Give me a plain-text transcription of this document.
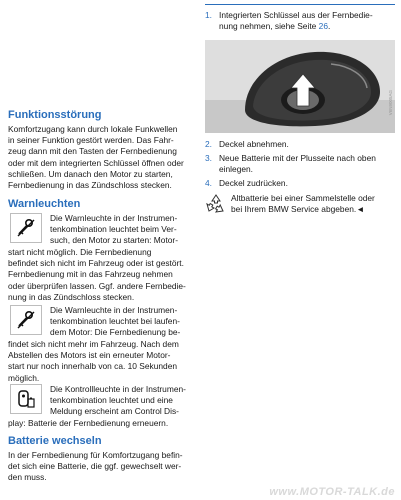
1. Integrierten Schlüssel aus der Fernbedie-
nung nehmen, siehe Seite 26.
V6N9005AG
2. Deckel abnehmen.
3. Neue Batterie mit der Plusseite nach oben
einlegen.
4. Deckel zudrücken.
Altbatterie bei einer Sammelstelle oder
bei Ihrem BMW Service abgeben.◄
Funktionsstörung
Komfortzugang kann durch lokale Funkwellen
in seiner Funktion gestört werden. Das Fahr-
zeug dann mit den Tasten der Fernbedienung
oder mit dem integrierten Schlüssel öffnen oder
schließen. Um danach den Motor zu starten,
Fernbedienung in das Zündschloss stecken.
Warnleuchten
Die Warnleuchte in der Instrumen-
tenkombination leuchtet beim Ver-
such, den Motor zu starten: Motor-
start nicht möglich. Die Fernbedienung
befindet sich nicht im Fahrzeug oder ist gestört.
Fernbedienung mit in das Fahrzeug nehmen
oder überprüfen lassen. Ggf. andere Fernbedie-
nung in das Zündschloss stecken.
Die Warnleuchte in der Instrumen-
tenkombination leuchtet bei laufen-
dem Motor: Die Fernbedienung be-
findet sich nicht mehr im Fahrzeug. Nach dem
Abstellen des Motors ist ein erneuter Motor-
start nur noch innerhalb von ca. 10 Sekunden
möglich.
Die Kontrollleuchte in der Instrumen-
tenkombination leuchtet und eine
Meldung erscheint am Control Dis-
play: Batterie der Fernbedienung erneuern.
Batterie wechseln
In der Fernbedienung für Komfortzugang befin-
det sich eine Batterie, die ggf. gewechselt wer-
den muss.
www.MOTOR-TALK.de
